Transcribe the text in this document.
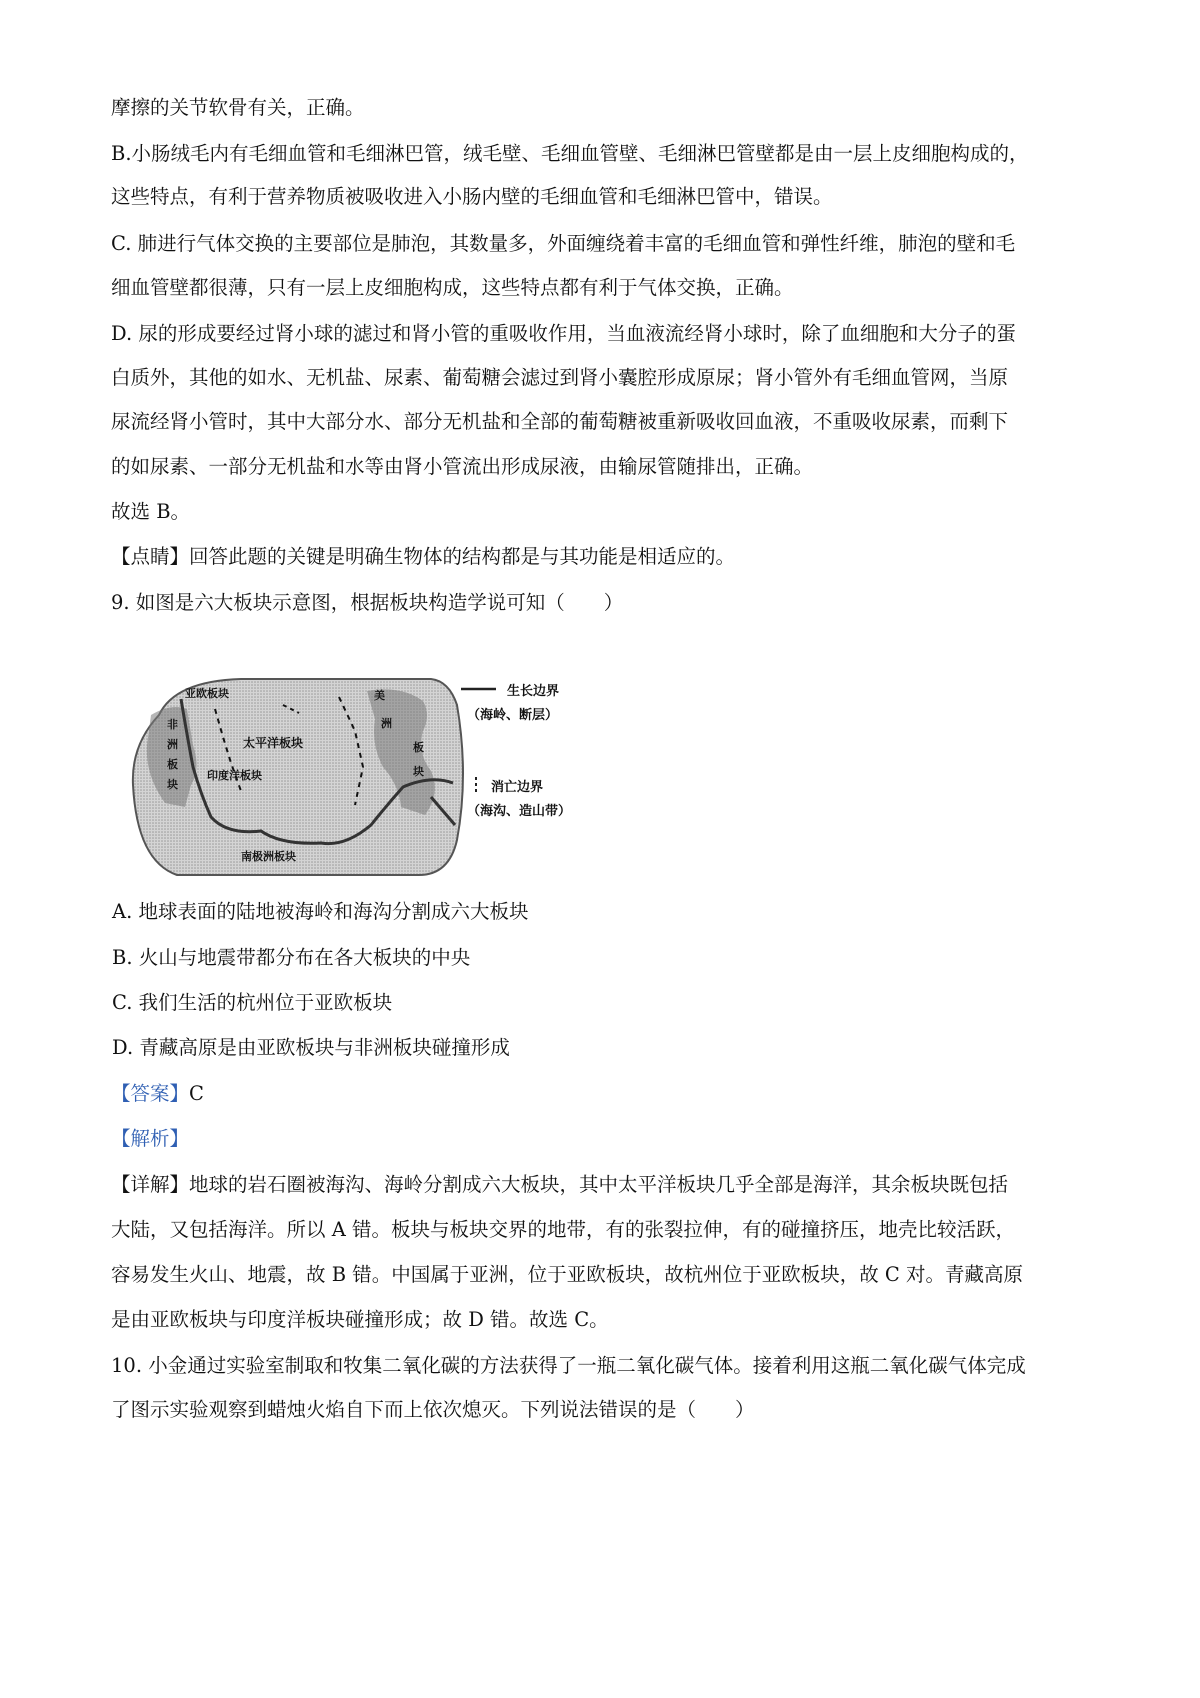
摩擦的关节软骨有关，正确。
B.小肠绒毛内有毛细血管和毛细淋巴管，绒毛壁、毛细血管壁、毛细淋巴管壁都是由一层上皮细胞构成的，
这些特点，有利于营养物质被吸收进入小肠内壁的毛细血管和毛细淋巴管中，错误。
C. 肺进行气体交换的主要部位是肺泡，其数量多，外面缠绕着丰富的毛细血管和弹性纤维，肺泡的壁和毛
细血管壁都很薄，只有一层上皮细胞构成，这些特点都有利于气体交换，正确。
D. 尿的形成要经过肾小球的滤过和肾小管的重吸收作用，当血液流经肾小球时，除了血细胞和大分子的蛋
白质外，其他的如水、无机盐、尿素、葡萄糖会滤过到肾小囊腔形成原尿；肾小管外有毛细血管网，当原
尿流经肾小管时，其中大部分水、部分无机盐和全部的葡萄糖被重新吸收回血液，不重吸收尿素，而剩下
的如尿素、一部分无机盐和水等由肾小管流出形成尿液，由输尿管随排出，正确。
故选 B。
【点睛】回答此题的关键是明确生物体的结构都是与其功能是相适应的。
9. 如图是六大板块示意图，根据板块构造学说可知（　　）
亚欧板块
非
洲
板
块
太平洋板块
印度洋板块
美
洲
板
块
南极洲板块
生长边界
（海岭、断层）
消亡边界
（海沟、造山带）
A. 地球表面的陆地被海岭和海沟分割成六大板块
B. 火山与地震带都分布在各大板块的中央
C. 我们生活的杭州位于亚欧板块
D. 青藏高原是由亚欧板块与非洲板块碰撞形成
【答案】C
【解析】
【详解】地球的岩石圈被海沟、海岭分割成六大板块，其中太平洋板块几乎全部是海洋，其余板块既包括
大陆，又包括海洋。所以 A 错。板块与板块交界的地带，有的张裂拉伸，有的碰撞挤压，地壳比较活跃，
容易发生火山、地震，故 B 错。中国属于亚洲，位于亚欧板块，故杭州位于亚欧板块，故 C 对。青藏高原
是由亚欧板块与印度洋板块碰撞形成；故 D 错。故选 C。
10. 小金通过实验室制取和牧集二氧化碳的方法获得了一瓶二氧化碳气体。接着利用这瓶二氧化碳气体完成
了图示实验观察到蜡烛火焰自下而上依次熄灭。下列说法错误的是（　　）
